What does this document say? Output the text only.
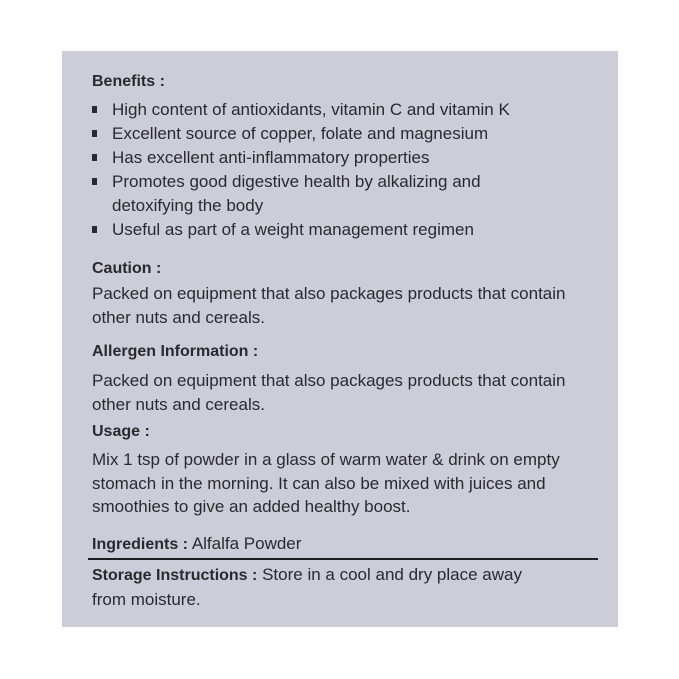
Benefits :
High content of antioxidants, vitamin C and vitamin K
Excellent source of copper, folate and magnesium
Has excellent anti-inflammatory properties
Promotes good digestive health by alkalizing and detoxifying the body
Useful as part of a weight management regimen
Caution :
Packed on equipment that also packages products that contain other nuts and cereals.
Allergen Information :
Packed on equipment that also packages products that contain other nuts and cereals.
Usage :
Mix 1 tsp of powder in a glass of warm water & drink on empty stomach in the morning. It can also be mixed with juices and smoothies to give an added healthy boost.
Ingredients : Alfalfa Powder
Storage Instructions : Store in a cool and dry place away from moisture.
